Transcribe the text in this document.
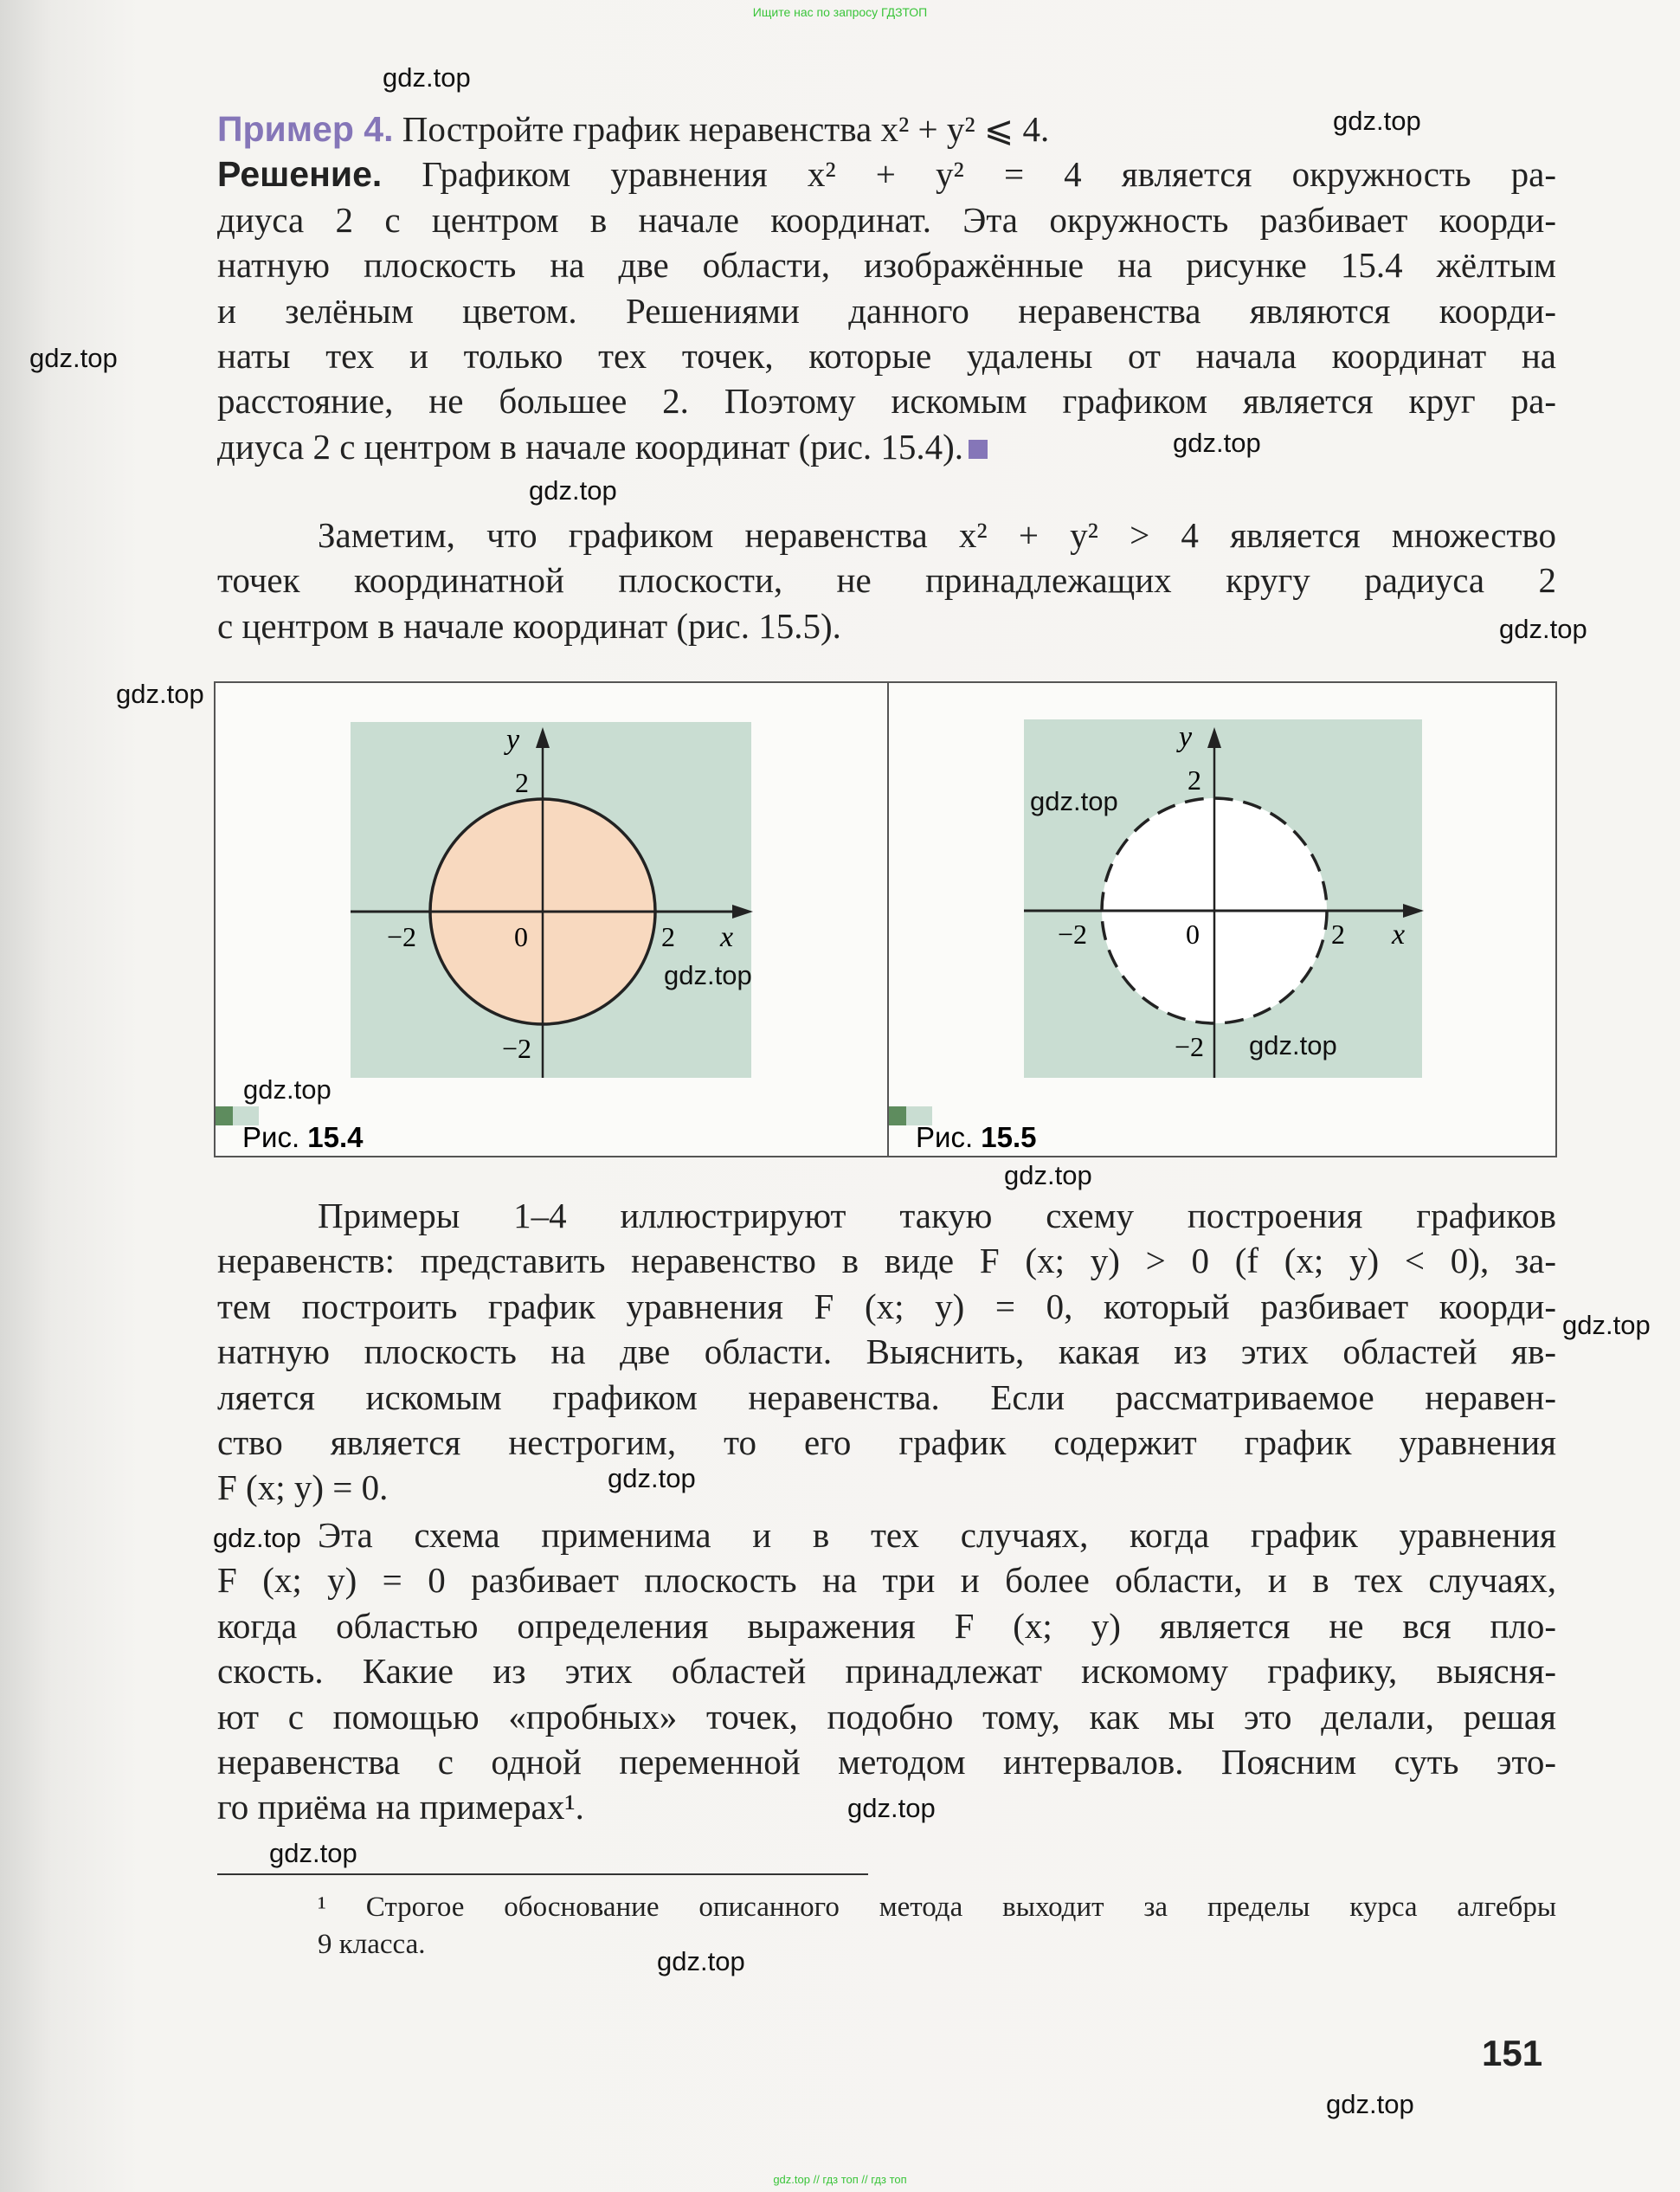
Ищите нас по запросу ГДЗТОП
Пример 4. Постройте график неравенства x² + y² ⩽ 4.
Решение. Графиком уравнения x² + y² = 4 является окружность ра-
диуса 2 с центром в начале координат. Эта окружность разбивает коорди-
натную плоскость на две области, изображённые на рисунке 15.4 жёлтым
и зелёным цветом. Решениями данного неравенства являются коорди-
наты тех и только тех точек, которые удалены от начала координат на
расстояние, не большее 2. Поэтому искомым графиком является круг ра-
диуса 2 с центром в начале координат (рис. 15.4).
Заметим, что графиком неравенства x² + y² > 4 является множество
точек координатной плоскости, не принадлежащих кругу радиуса 2
с центром в начале координат (рис. 15.5).
y
2
−2
−2	0	2 x
Рис. 15.4
y
2
−2
−2	0	2 x
Рис. 15.5
Примеры 1–4 иллюстрируют такую схему построения графиков
неравенств: представить неравенство в виде F (x; y) > 0 (f (x; y) < 0), за-
тем построить график уравнения F (x; y) = 0, который разбивает коорди-
натную плоскость на две области. Выяснить, какая из этих областей яв-
ляется искомым графиком неравенства. Если рассматриваемое неравен-
ство является нестрогим, то его график содержит график уравнения
F (x; y) = 0.
Эта схема применима и в тех случаях, когда график уравнения
F (x; y) = 0 разбивает плоскость на три и более области, и в тех случаях,
когда областью определения выражения F (x; y) является не вся пло-
скость. Какие из этих областей принадлежат искомому графику, выясня-
ют с помощью «пробных» точек, подобно тому, как мы это делали, решая
неравенства с одной переменной методом интервалов. Поясним суть это-
го приёма на примерах¹.
¹ Строгое обоснование описанного метода выходит за пределы курса алгебры
9 класса.
151
gdz.top
gdz.top
gdz.top
gdz.top
gdz.top
gdz.top
gdz.top
gdz.top
gdz.top
gdz.top
gdz.top
gdz.top
gdz.top
gdz.top
gdz.top
gdz.top
gdz.top
gdz.top
gdz.top
gdz.top // гдз топ // гдз топ
